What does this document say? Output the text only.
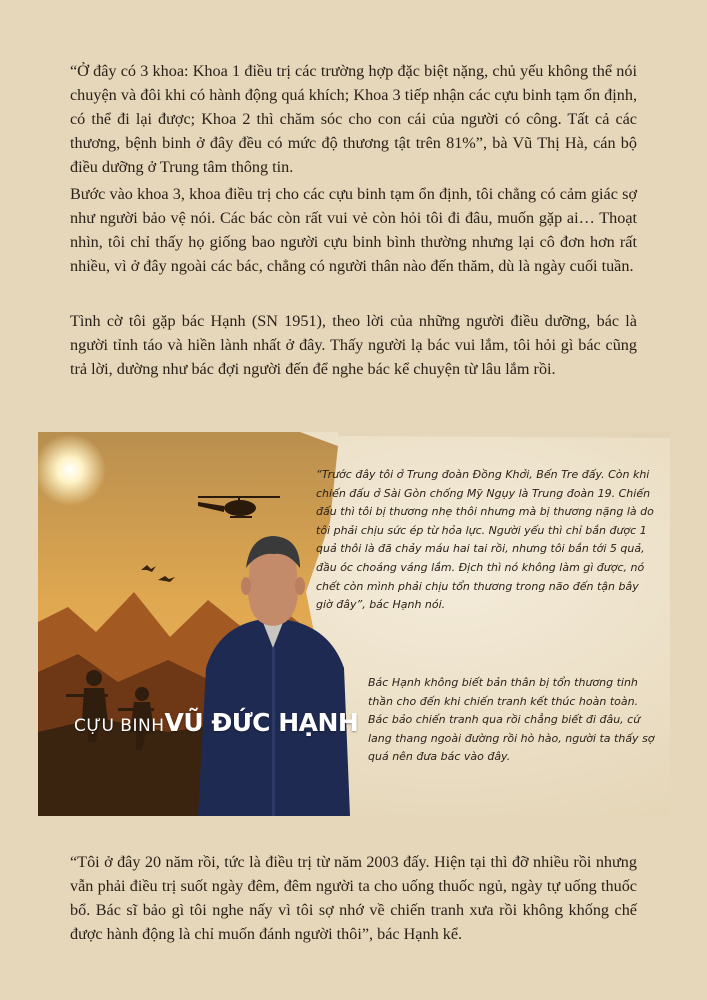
“Ở đây có 3 khoa: Khoa 1 điều trị các trường hợp đặc biệt nặng, chủ yếu không thể nói chuyện và đôi khi có hành động quá khích; Khoa 3 tiếp nhận các cựu binh tạm ổn định, có thể đi lại được; Khoa 2 thì chăm sóc cho con cái của người có công. Tất cả các thương, bệnh binh ở đây đều có mức độ thương tật trên 81%”, bà Vũ Thị Hà, cán bộ điều dưỡng ở Trung tâm thông tin.

Bước vào khoa 3, khoa điều trị cho các cựu binh tạm ổn định, tôi chẳng có cảm giác sợ như người bảo vệ nói. Các bác còn rất vui vẻ còn hỏi tôi đi đâu, muốn gặp ai… Thoạt nhìn, tôi chỉ thấy họ giống bao người cựu binh bình thường nhưng lại cô đơn hơn rất nhiều, vì ở đây ngoài các bác, chẳng có người thân nào đến thăm, dù là ngày cuối tuần.

Tình cờ tôi gặp bác Hạnh (SN 1951), theo lời của những người điều dưỡng, bác là người tỉnh táo và hiền lành nhất ở đây. Thấy người lạ bác vui lắm, tôi hỏi gì bác cũng trả lời, dường như bác đợi người đến để nghe bác kể chuyện từ lâu lắm rồi.

CỰU BINHVŨ ĐỨC HẠNH

“Trước đây tôi ở Trung đoàn Đồng Khởi, Bến Tre đấy. Còn khi chiến đấu ở Sài Gòn chống Mỹ Ngụy là Trung đoàn 19. Chiến đấu thì tôi bị thương nhẹ thôi nhưng mà bị thương nặng là do tôi phải chịu sức ép từ hỏa lực. Người yếu thì chỉ bắn được 1 quả thôi là đã chảy máu hai tai rồi, nhưng tôi bắn tới 5 quả, đầu óc choáng váng lắm. Địch thì nó không làm gì được, nó chết còn mình phải chịu tổn thương trong não đến tận bây giờ đây”, bác Hạnh nói.

Bác Hạnh không biết bản thân bị tổn thương tinh thần cho đến khi chiến tranh kết thúc hoàn toàn. Bác bảo chiến tranh qua rồi chẳng biết đi đâu, cứ lang thang ngoài đường rồi hò hào, người ta thấy sợ quá nên đưa bác vào đây.

“Tôi ở đây 20 năm rồi, tức là điều trị từ năm 2003 đấy. Hiện tại thì đỡ nhiều rồi nhưng vẫn phải điều trị suốt ngày đêm, đêm người ta cho uống thuốc ngủ, ngày tự uống thuốc bổ. Bác sĩ bảo gì tôi nghe nấy vì tôi sợ nhớ về chiến tranh xưa rồi không khống chế được hành động là chỉ muốn đánh người thôi”, bác Hạnh kể.
